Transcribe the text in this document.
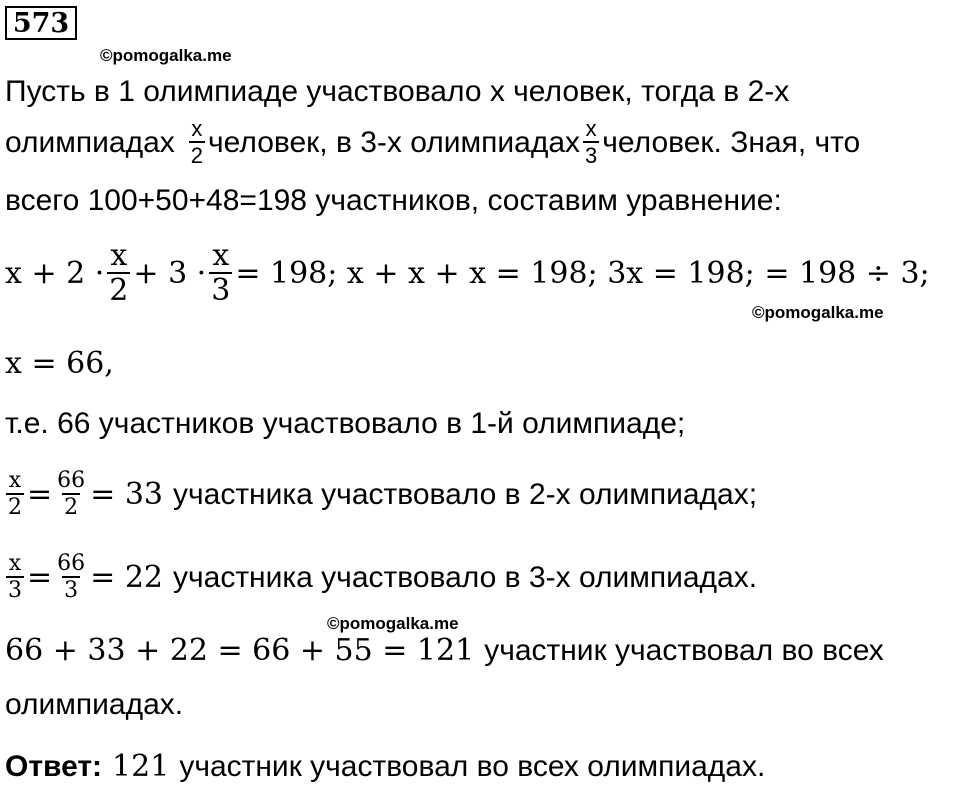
573
©pomogalka.me
©pomogalka.me
©pomogalka.me
Пусть в 1 олимпиаде участвовало x человек, тогда в 2-х
олимпиадах $\frac{x}{2}$ человек, в 3-х олимпиадах $\frac{x}{3}$ человек. Зная, что
всего 100+50+48=198 участников, составим уравнение:
$x + 2 \cdot \frac{x}{2} + 3 \cdot \frac{x}{3} = 198$; x + x + x = 198; 3x = 198; = 198 ÷ 3;
x = 66,
т.е. 66 участников участвовало в 1-й олимпиаде;
$\frac{x}{2} = \frac{66}{2} = 33$ участника участвовало в 2-х олимпиадах;
$\frac{x}{3} = \frac{66}{3} = 22$ участника участвовало в 3-х олимпиадах.
66 + 33 + 22 = 66 + 55 = 121 участник участвовал во всех
олимпиадах.
Ответ: 121 участник участвовал во всех олимпиадах.
